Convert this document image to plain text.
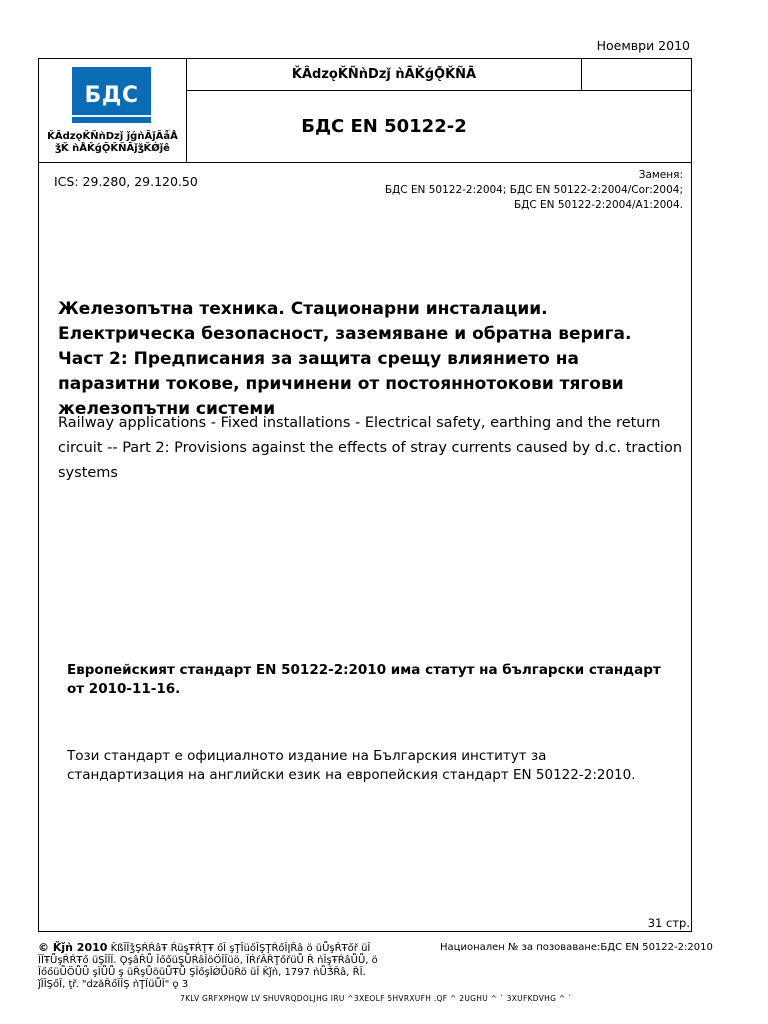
Ноември 2010
БДС
ǨÂdzǫǨÑǹDzǰ ǰǵǹĀǰÃǻÅ
ǯǨ ǹÅǨǵǬǨÑĀǰǯǨǾǰê
ǨÂdzǫǨÑǹDzǰ ǹĀǨǵǬǨÑĀ
БДС EN 50122-2
ICS: 29.280, 29.120.50	Заменя:
БДС EN 50122-2:2004; БДС EN 50122-2:2004/Cor:2004;
БДС EN 50122-2:2004/A1:2004.
Железопътна техника. Стационарни инсталации. Електрическа безопасност, заземяване и обратна верига. Част 2: Предписания за защита срещу влиянието на паразитни токове, причинени от постояннотокови тягови железопътни системи
Railway applications - Fixed installations - Electrical safety, earthing and the return circuit -- Part 2: Provisions against the effects of stray currents caused by d.c. traction systems
Европейският стандарт EN 50122-2:2010 има статут на български стандарт от 2010-11-16.
Този стандарт е официалното издание на Българския институт за стандартизация на английски език на европейския стандарт EN 50122-2:2010.
31 стр.
© Ǩǰǹ 2010 ǨßĬǏǯŞŔŔâŦ ŔüşŦŔŢŦ őǏ şŢǏüőǏŞŢŔőǏǀŘâ ö üǕşŔŦőř üǏ ǏǏŦǕşŔŔŦő üŞǏǏǏ. ǪşâŘǕ ǏőőüŞǕŔâǏöÖǏǏüö, ǏŔŕÂŘŢőřüǕ Ř ǹǏşŦŔâǕǕ, ö ǏőőüǕÖǕǕ şǏǕǕ ş üŘşǕöüǕŦǕ ŞǏőşǏǾǕüŔö üǏ Ǩǰǹ, 1797 ǹǕǮŘâ, ŘǏ. ǰǏǏŞőǏ, ţř. "dzăŘőǏǏŞ ǹŢǏüǕǏ" ǫ 3
Национален № за позоваване:БДС EN 50122-2:2010
7KLV GRFXPHQW LV SHUVRQDOLJHG IRU ^3XEOLF 5HVRXUFH .QF ^ 2UGHU ^ ` 3XUFKDVHG ^ `
